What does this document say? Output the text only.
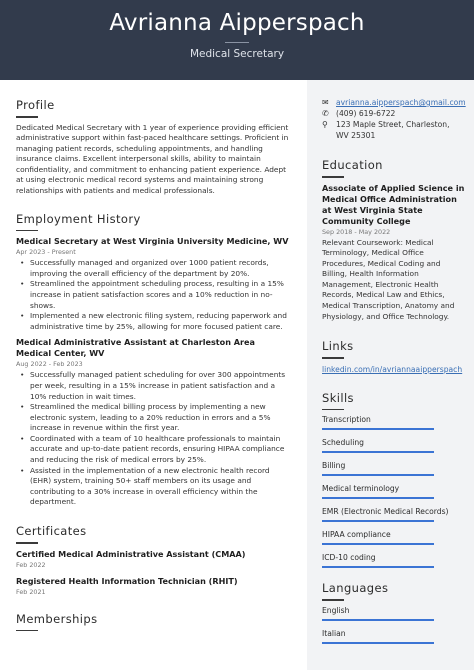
Avrianna Aipperspach
Medical Secretary
Profile
Dedicated Medical Secretary with 1 year of experience providing efficient administrative support within fast-paced healthcare settings. Proficient in managing patient records, scheduling appointments, and handling insurance claims. Excellent interpersonal skills, ability to maintain confidentiality, and commitment to enhancing patient experience. Adept at using electronic medical record systems and maintaining strong relationships with patients and medical professionals.
Employment History
Medical Secretary at West Virginia University Medicine, WV
Apr 2023 - Present
• Successfully managed and organized over 1000 patient records, improving the overall efficiency of the department by 20%.
• Streamlined the appointment scheduling process, resulting in a 15% increase in patient satisfaction scores and a 10% reduction in no-shows.
• Implemented a new electronic filing system, reducing paperwork and administrative time by 25%, allowing for more focused patient care.
Medical Administrative Assistant at Charleston Area Medical Center, WV
Aug 2022 - Feb 2023
• Successfully managed patient scheduling for over 300 appointments per week, resulting in a 15% increase in patient satisfaction and a 10% reduction in wait times.
• Streamlined the medical billing process by implementing a new electronic system, leading to a 20% reduction in errors and a 5% increase in revenue within the first year.
• Coordinated with a team of 10 healthcare professionals to maintain accurate and up-to-date patient records, ensuring HIPAA compliance and reducing the risk of medical errors by 25%.
• Assisted in the implementation of a new electronic health record (EHR) system, training 50+ staff members on its usage and contributing to a 30% increase in overall efficiency within the department.
Certificates
Certified Medical Administrative Assistant (CMAA)
Feb 2022
Registered Health Information Technician (RHIT)
Feb 2021
Memberships
✉ avrianna.aipperspach@gmail.com
✆ (409) 619-6722
⚲	123 Maple Street, Charleston, WV 25301
Education
Associate of Applied Science in Medical Office Administration at West Virginia State Community College
Sep 2018 - May 2022
Relevant Coursework: Medical Terminology, Medical Office Procedures, Medical Coding and Billing, Health Information Management, Electronic Health Records, Medical Law and Ethics, Medical Transcription, Anatomy and Physiology, and Office Technology.
Links
linkedin.com/in/avriannaaipperspach
Skills
Transcription
Scheduling
Billing
Medical terminology
EMR (Electronic Medical Records)
HIPAA compliance
ICD-10 coding
Languages
English
Italian
